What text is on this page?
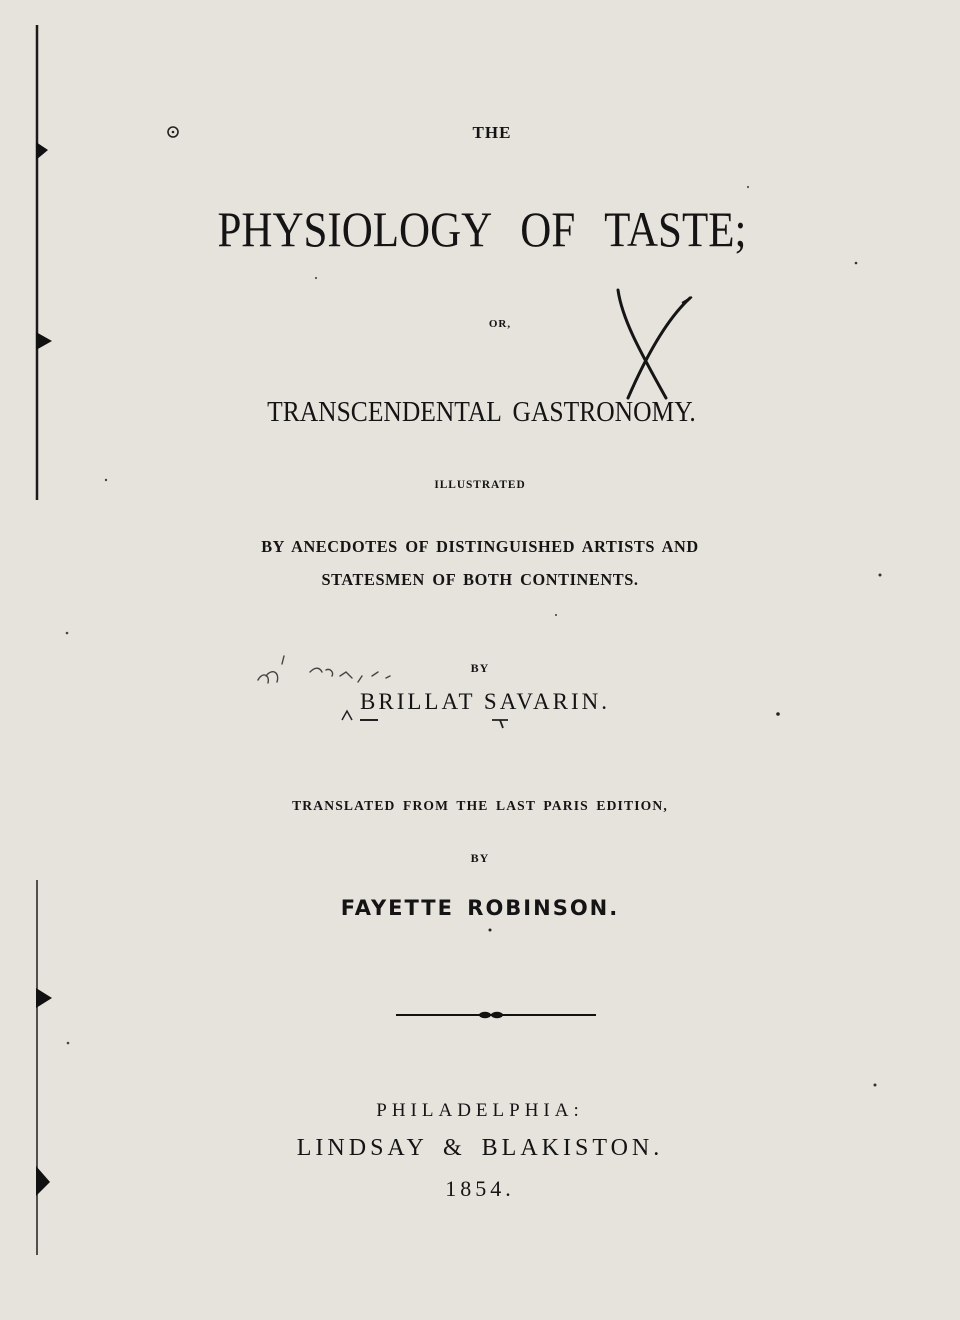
THE

PHYSIOLOGY OF TASTE;

OR,

TRANSCENDENTAL GASTRONOMY.

ILLUSTRATED

BY ANECDOTES OF DISTINGUISHED ARTISTS AND

STATESMEN OF BOTH CONTINENTS.

BY

BRILLAT SAVARIN.

TRANSLATED FROM THE LAST PARIS EDITION,

BY

FAYETTE ROBINSON.

PHILADELPHIA:

LINDSAY & BLAKISTON.

1854.
